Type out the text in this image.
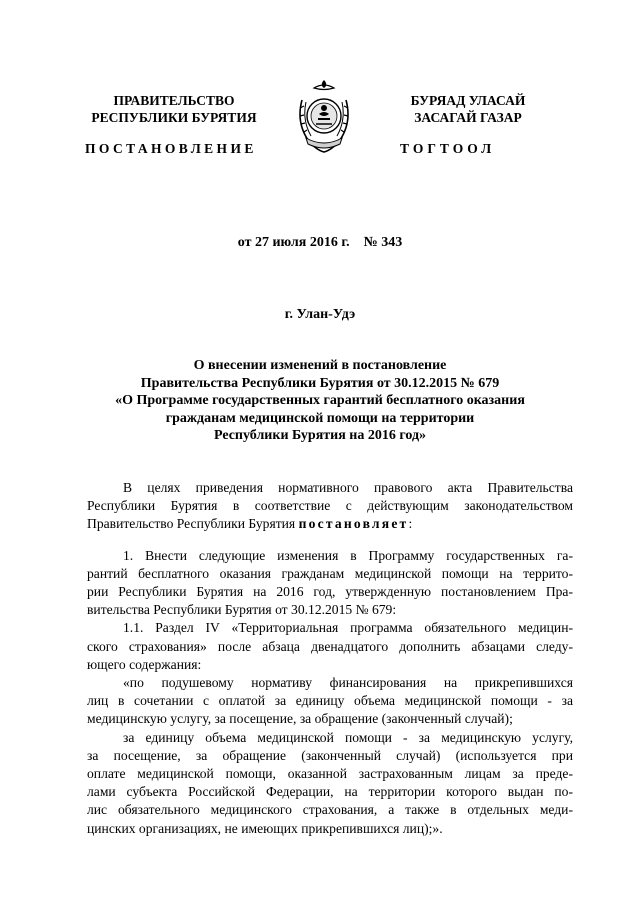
ПРАВИТЕЛЬСТВО
РЕСПУБЛИКИ БУРЯТИЯ
БУРЯАД УЛАСАЙ
ЗАСАГАЙ ГАЗАР
ПОСТАНОВЛЕНИЕ	ТОГТООЛ
от 27 июля 2016 г. № 343
г. Улан-Удэ
О внесении изменений в постановление
Правительства Республики Бурятия от 30.12.2015 № 679
«О Программе государственных гарантий бесплатного оказания
гражданам медицинской помощи на территории
Республики Бурятия на 2016 год»
В целях приведения нормативного правового акта Правительства
Республики Бурятия в соответствие с действующим законодательством
Правительство Республики Бурятия постановляет:
1. Внести следующие изменения в Программу государственных га-
рантий бесплатного оказания гражданам медицинской помощи на террито-
рии Республики Бурятия на 2016 год, утвержденную постановлением Пра-
вительства Республики Бурятия от 30.12.2015 № 679:
1.1. Раздел IV «Территориальная программа обязательного медицин-
ского страхования» после абзаца двенадцатого дополнить абзацами следу-
ющего содержания:
«по подушевому нормативу финансирования на прикрепившихся
лиц в сочетании с оплатой за единицу объема медицинской помощи - за
медицинскую услугу, за посещение, за обращение (законченный случай);
за единицу объема медицинской помощи - за медицинскую услугу,
за посещение, за обращение (законченный случай) (используется при
оплате медицинской помощи, оказанной застрахованным лицам за преде-
лами субъекта Российской Федерации, на территории которого выдан по-
лис обязательного медицинского страхования, а также в отдельных меди-
цинских организациях, не имеющих прикрепившихся лиц);».
